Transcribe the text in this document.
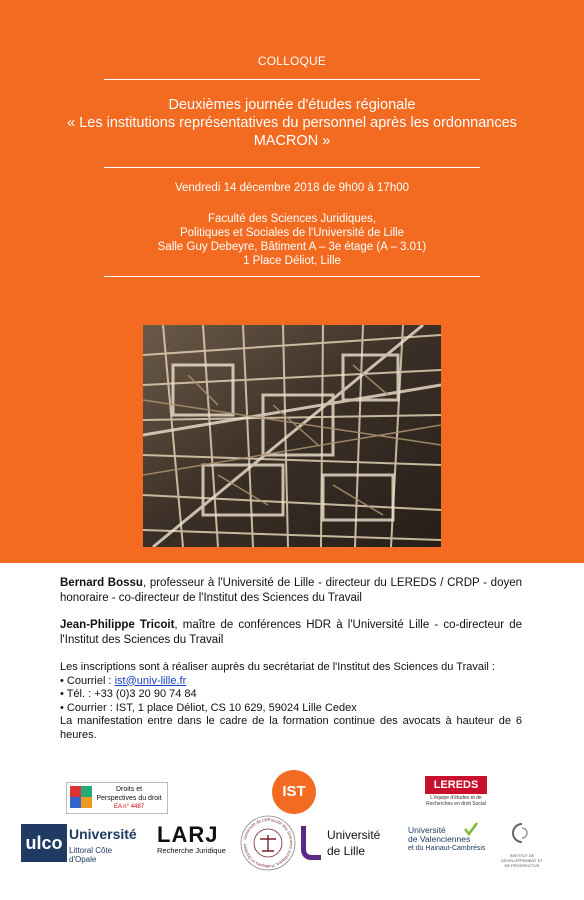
COLLOQUE
Deuxièmes journée d'études régionale
« Les institutions représentatives du personnel après les ordonnances
MACRON »
Vendredi 14 décembre 2018 de 9h00 à 17h00
Faculté des Sciences Juridiques,
Politiques et Sociales de l'Université de Lille
Salle Guy Debeyre, Bâtiment A – 3e étage (A – 3.01)
1 Place Déliot, Lille
Bernard Bossu, professeur à l'Université de Lille - directeur du LEREDS / CRDP - doyen honoraire - co-directeur de l'Institut des Sciences du Travail
Jean-Philippe Tricoit, maître de conférences HDR à l'Université Lille - co-directeur de l'Institut des Sciences du Travail
Les inscriptions sont à réaliser auprès du secrétariat de l'Institut des Sciences du Travail :
• Courriel : ist@univ-lille.fr
• Tél. : +33 (0)3 20 90 74 84
• Courrier : IST, 1 place Déliot, CS 10 629, 59024 Lille Cedex
La manifestation entre dans le cadre de la formation continue des avocats à hauteur de 6 heures.
Droits et
Perspectives du droit
EA n° 4487
IST	LEREDS
L'équipe d'études et de Recherches en droit Social
ulco Université
Littoral Côte d'Opale
LARJ
Recherche Juridique
Faculté des Sciences Juridiques, Politiques et Sociales · Université de Lill
Université
de Lille
Université
de Valenciennes
et du Hainaut-Cambrésis
INSTITUT DE DÉVELOPPEMENT ET DE PROSPECTIVE
